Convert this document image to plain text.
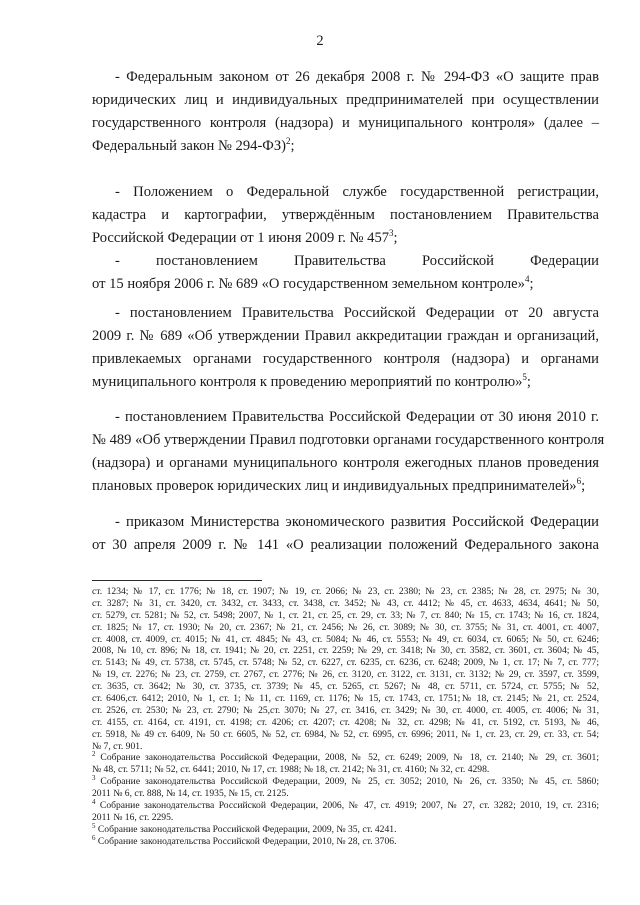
2

- Федеральным законом от 26 декабря 2008 г. № 294-ФЗ «О защите прав
юридических лиц и индивидуальных предпринимателей при осуществлении
государственного контроля (надзора) и муниципального контроля» (далее –
Федеральный закон № 294-ФЗ)$^2$;

- Положением о Федеральной службе государственной регистрации,
кадастра и картографии, утверждённым постановлением Правительства
Российской Федерации от 1 июня 2009 г. № $457^3$;

- постановлением Правительства Российской Федерации
от 15 ноября 2006 г. № 689 «О государственном земельном контроле»$^4$;

- постановлением Правительства Российской Федерации от 20 августа
2009 г. № 689 «Об утверждении Правил аккредитации граждан и организаций,
привлекаемых органами государственного контроля (надзора) и органами
муниципального контроля к проведению мероприятий по контролю»$^5$;

- постановлением Правительства Российской Федерации от 30 июня 2010 г.
№ 489 «Об утверждении Правил подготовки органами государственного контроля
(надзора) и органами муниципального контроля ежегодных планов проведения
плановых проверок юридических лиц и индивидуальных предпринимателей»$^6$;

- приказом Министерства экономического развития Российской Федерации
от 30 апреля 2009 г. № 141 «О реализации положений Федерального закона

ст. 1234; № 17, ст. 1776; № 18, ст. 1907; № 19, ст. 2066; № 23, ст. 2380; № 23, ст. 2385; № 28, ст. 2975; № 30,
ст. 3287; № 31, ст. 3420, ст. 3432, ст. 3433, ст. 3438, ст. 3452; № 43, ст. 4412; № 45, ст. 4633, 4634, 4641; № 50,
ст. 5279, ст. 5281; № 52, ст. 5498; 2007, № 1, ст. 21, ст. 25, ст. 29, ст. 33; № 7, ст. 840; № 15, ст. 1743; № 16, ст. 1824,
ст. 1825; № 17, ст. 1930; № 20, ст. 2367; № 21, ст. 2456; № 26, ст. 3089; № 30, ст. 3755; № 31, ст. 4001, ст. 4007,
ст. 4008, ст. 4009, ст. 4015; № 41, ст. 4845; № 43, ст. 5084; № 46, ст. 5553; № 49, ст. 6034, ст. 6065; № 50, ст. 6246;
2008, № 10, ст. 896; № 18, ст. 1941; № 20, ст. 2251, ст. 2259; № 29, ст. 3418; № 30, ст. 3582, ст. 3601, ст. 3604; № 45,
ст. 5143; № 49, ст. 5738, ст. 5745, ст. 5748; № 52, ст. 6227, ст. 6235, ст. 6236, ст. 6248; 2009, № 1, ст. 17; № 7, ст. 777;
№ 19, ст. 2276; № 23, ст. 2759, ст. 2767, ст. 2776; № 26, ст. 3120, ст. 3122, ст. 3131, ст. 3132; № 29, ст. 3597, ст. 3599,
ст. 3635, ст. 3642; № 30, ст. 3735, ст. 3739; № 45, ст. 5265, ст. 5267; № 48, ст. 5711, ст. 5724, ст. 5755; № 52,
ст. 6406,ст. 6412; 2010, № 1, ст. 1; № 11, ст. 1169, ст. 1176; № 15, ст. 1743, ст. 1751;№ 18, ст. 2145; № 21, ст. 2524,
ст. 2526, ст. 2530; № 23, ст. 2790; № 25,ст. 3070; № 27, ст. 3416, ст. 3429; № 30, ст. 4000, ст. 4005, ст. 4006; № 31,
ст. 4155, ст. 4164, ст. 4191, ст. 4198; ст. 4206; ст. 4207; ст. 4208; № 32, ст. 4298; № 41, ст. 5192, ст. 5193, № 46,
ст. 5918, № 49 ст. 6409, № 50 ст. 6605, № 52, ст. 6984, № 52, ст. 6995, ст. 6996; 2011, № 1, ст. 23, ст. 29, ст. 33, ст. 54;
№ 7, ст. 901.
$^2$ Собрание законодательства Российской Федерации, 2008, № 52, ст. 6249; 2009, № 18, ст. 2140; № 29, ст. 3601;
№ 48, ст. 5711; № 52, ст. 6441; 2010, № 17, ст. 1988; № 18, ст. 2142; № 31, ст. 4160; № 32, ст. 4298.
$^3$ Собрание законодательства Российской Федерации, 2009, № 25, ст. 3052; 2010, № 26, ст. 3350; № 45, ст. 5860;
2011 № 6, ст. 888, № 14, ст. 1935, № 15, ст. 2125.
$^4$ Собрание законодательства Российской Федерации, 2006, № 47, ст. 4919; 2007, № 27, ст. 3282; 2010, 19, ст. 2316;
2011 № 16, ст. 2295.
$^5$ Собрание законодательства Российской Федерации, 2009, № 35, ст. 4241.
$^6$ Собрание законодательства Российской Федерации, 2010, № 28, ст. 3706.
